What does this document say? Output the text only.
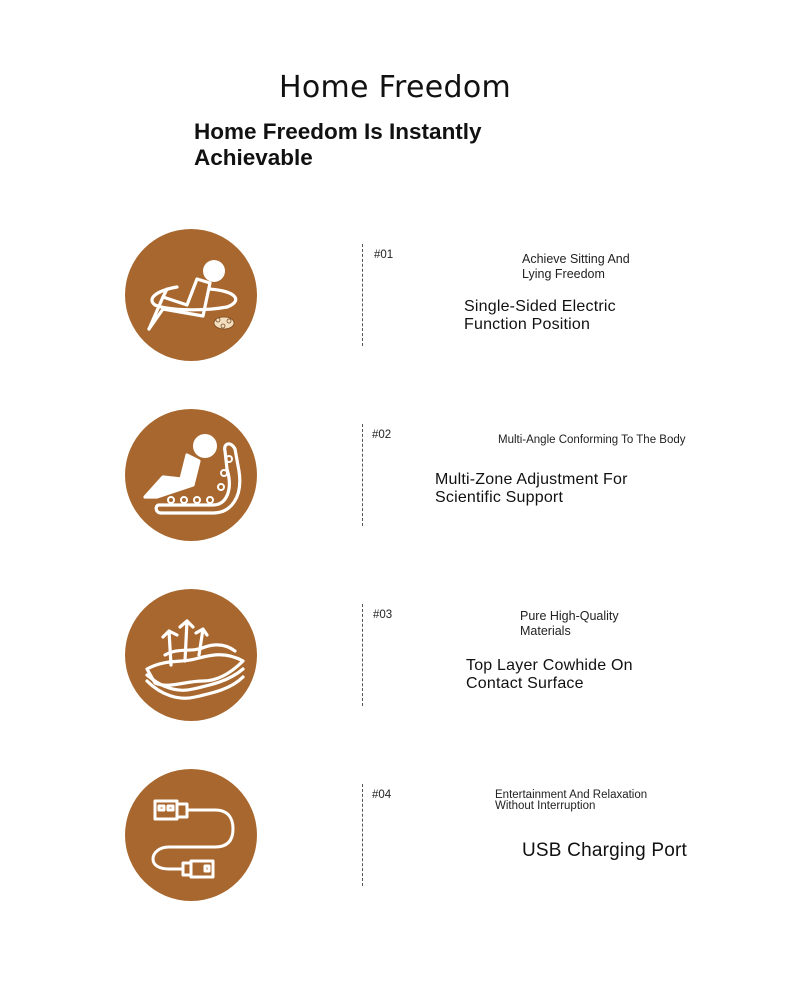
Home Freedom
Home Freedom Is Instantly Achievable
#01	Achieve Sitting And Lying Freedom
Single-Sided Electric Function Position
#02	Multi-Angle Conforming To The Body
Multi-Zone Adjustment For Scientific Support
#03	Pure High-Quality Materials
Top Layer Cowhide On Contact Surface
#04	Entertainment And Relaxation Without Interruption
USB Charging Port
